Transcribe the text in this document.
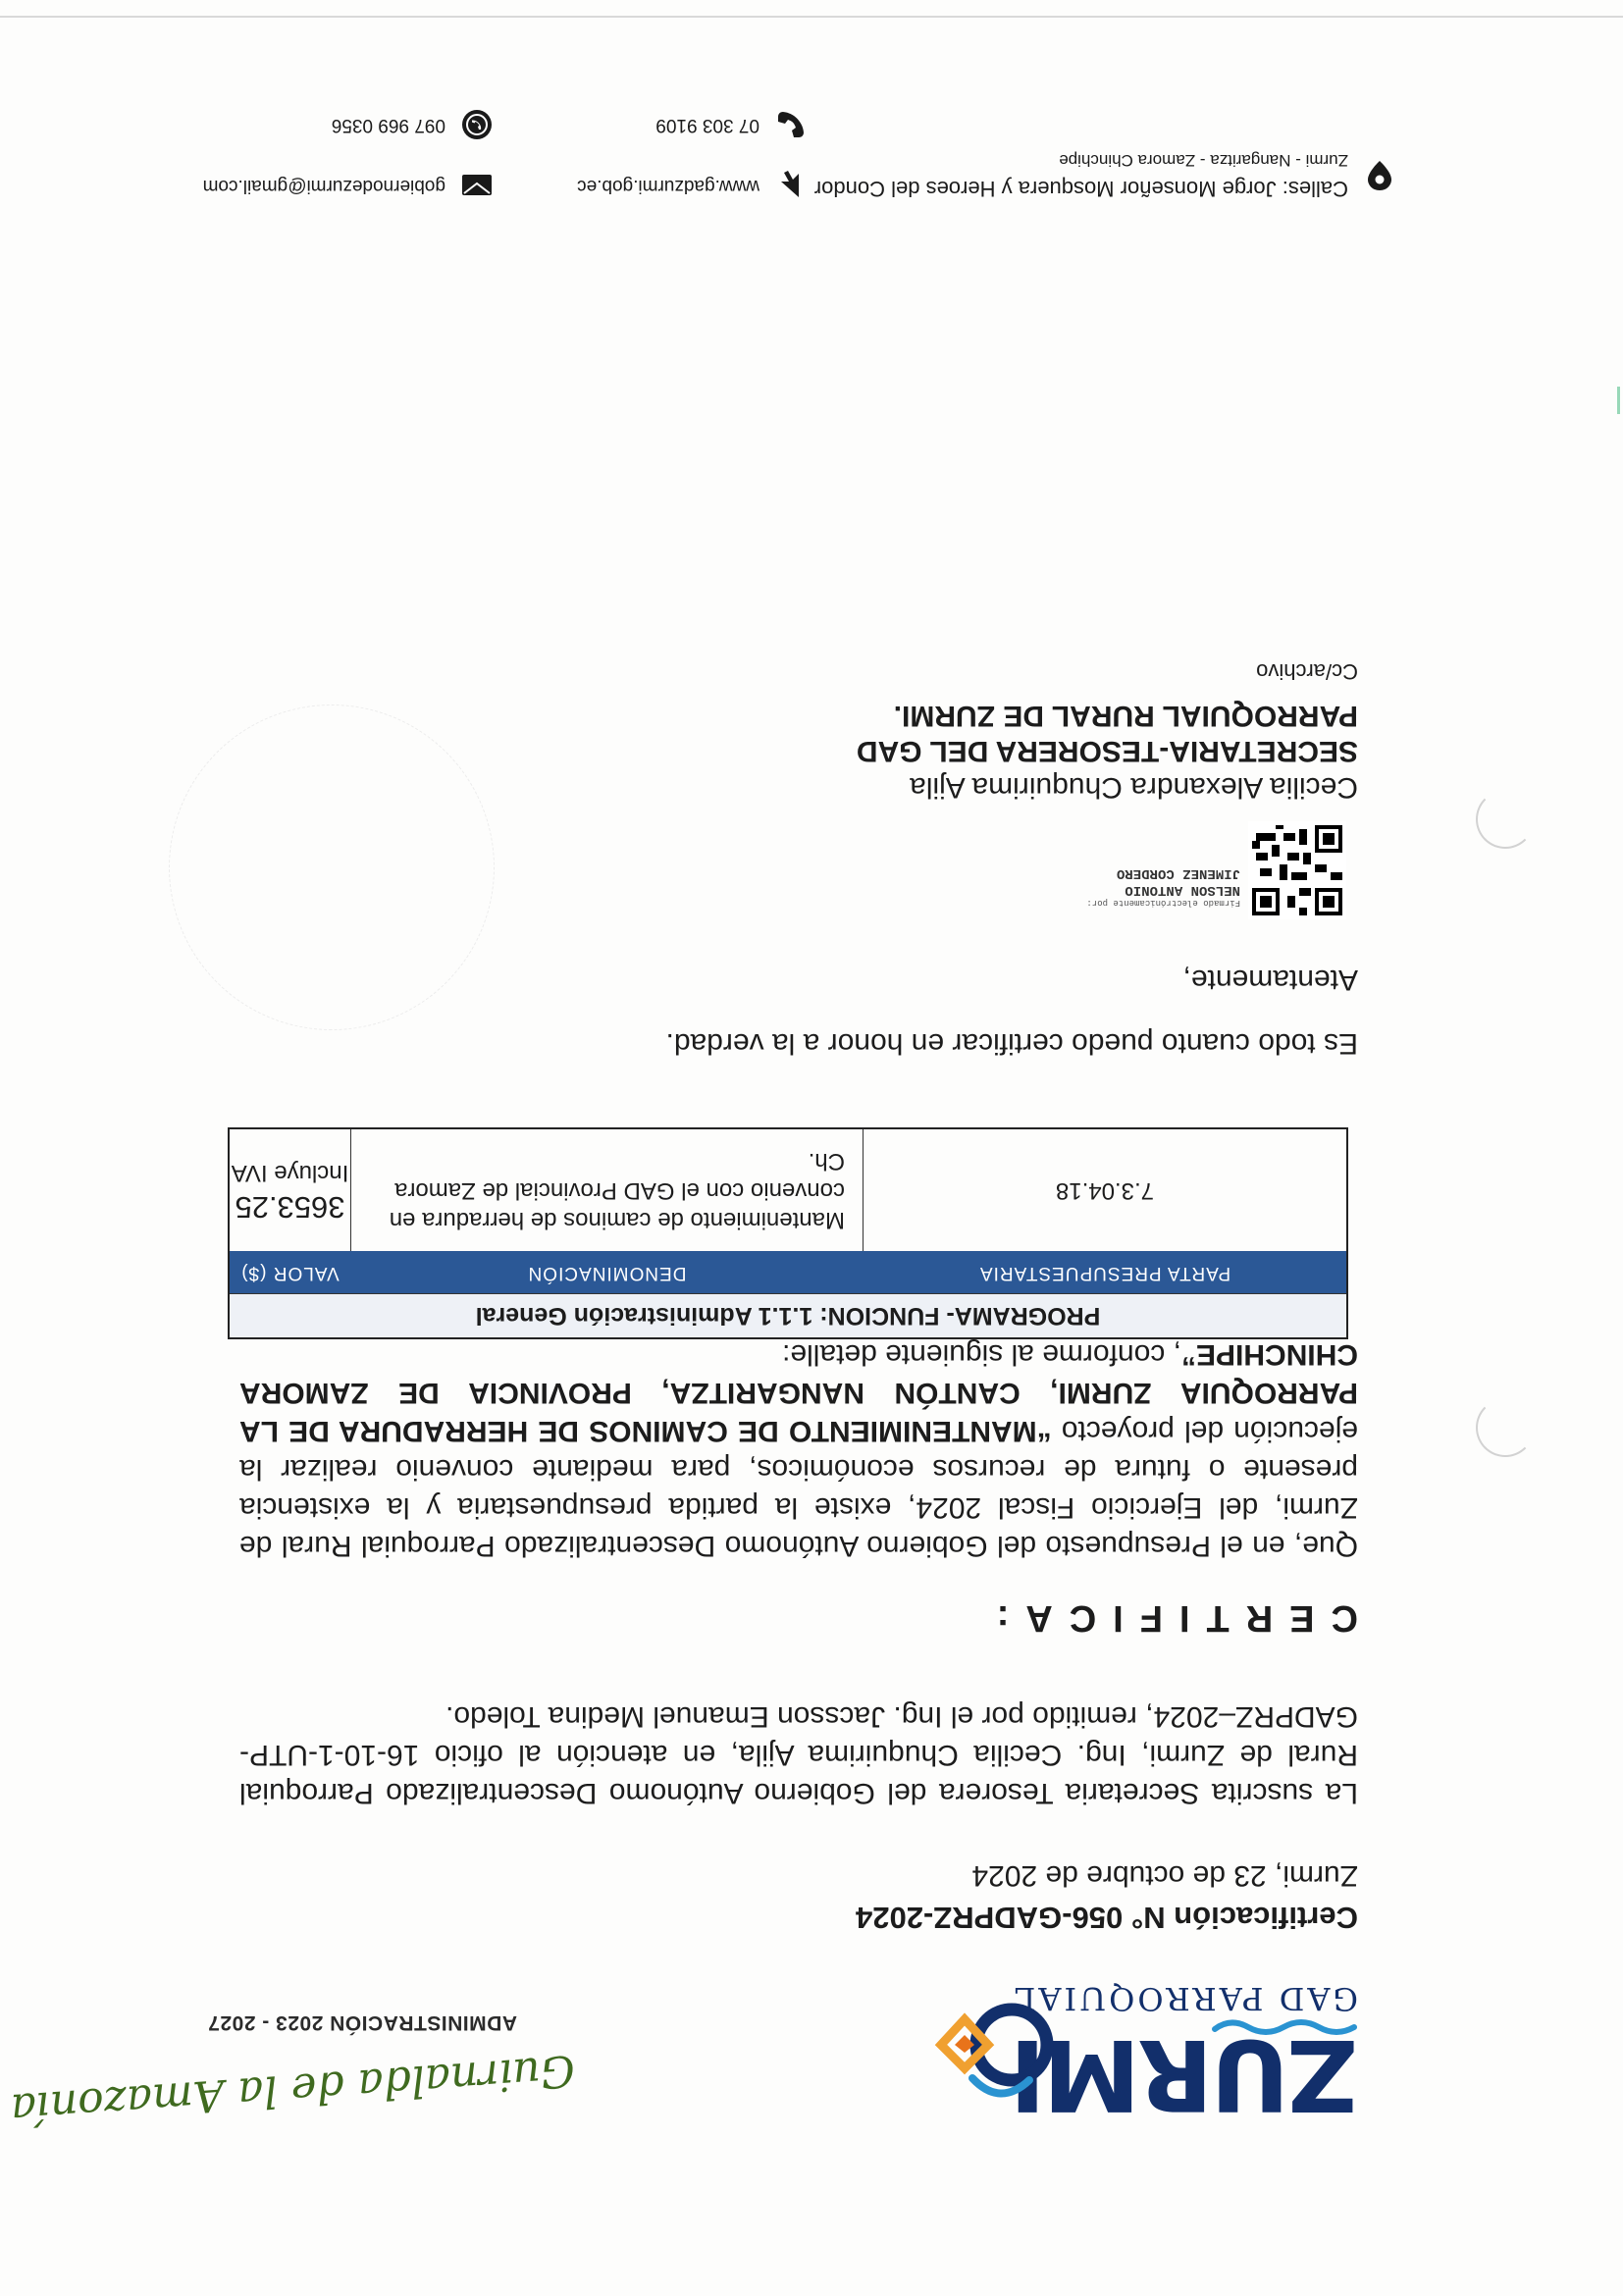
GAD PARROQUIAL
ZURMI
Guirnalda de la Amazonía
ADMINISTRACIÓN 2023 - 2027
Certificación N° 056-GADPRZ-2024
Zurmi, 23 de octubre de 2024

La suscrita Secretaria Tesorera del Gobierno Autónomo Descentralizado Parroquial Rural de Zurmi, Ing. Cecilia Chuquirima Ajila, en atención al oficio 16-10-1-UTP-GADPRZ–2024, remitido por el Ing. Jacsson Emanuel Medina Toledo.

CERTIFICA:

Que, en el Presupuesto del Gobierno Autónomo Descentralizado Parroquial Rural de Zurmi, del Ejercicio Fiscal 2024, existe la partida presupuestaria y la existencia presente o futura de recursos económicos, para mediante convenio realizar la ejecución del proyecto “MANTENIMIENTO DE CAMINOS DE HERRADURA DE LA PARROQUIA ZURMI, CANTÓN NANGARITZA, PROVINCIA DE ZAMORA CHINCHIPE”, conforme al siguiente detalle:

PROGRAMA- FUNCION: 1.1.1 Administración General		
PARTA PRESUPUESTARIA	DENOMINACIÓN	VALOR ($)
7.3.04.18	Mantenimiento de caminos de herradura en convenio con el GAD Provincial de Zamora Ch.	3653.25
Incluye IVA
Es todo cuanto puedo certificar en honor a la verdad.
Atentamente,
Firmado electrónicamente por:
NELSON ANTONIO
JIMENEZ CORDERO
Cecilia Alexandra Chuquirima Ajila
SECRETARIA-TESORERA DEL GAD PARROQUIAL RURAL DE ZURMI.
Cc/archivo
Calles: Jorge Monseñor Mosquera y Heroes del Condor
Zurmi - Nangaritza - Zamora Chinchipe
www.gadzurmi.gob.ec
07 303 9109
gobiernodezurmi@gmail.com
097 969 0356
